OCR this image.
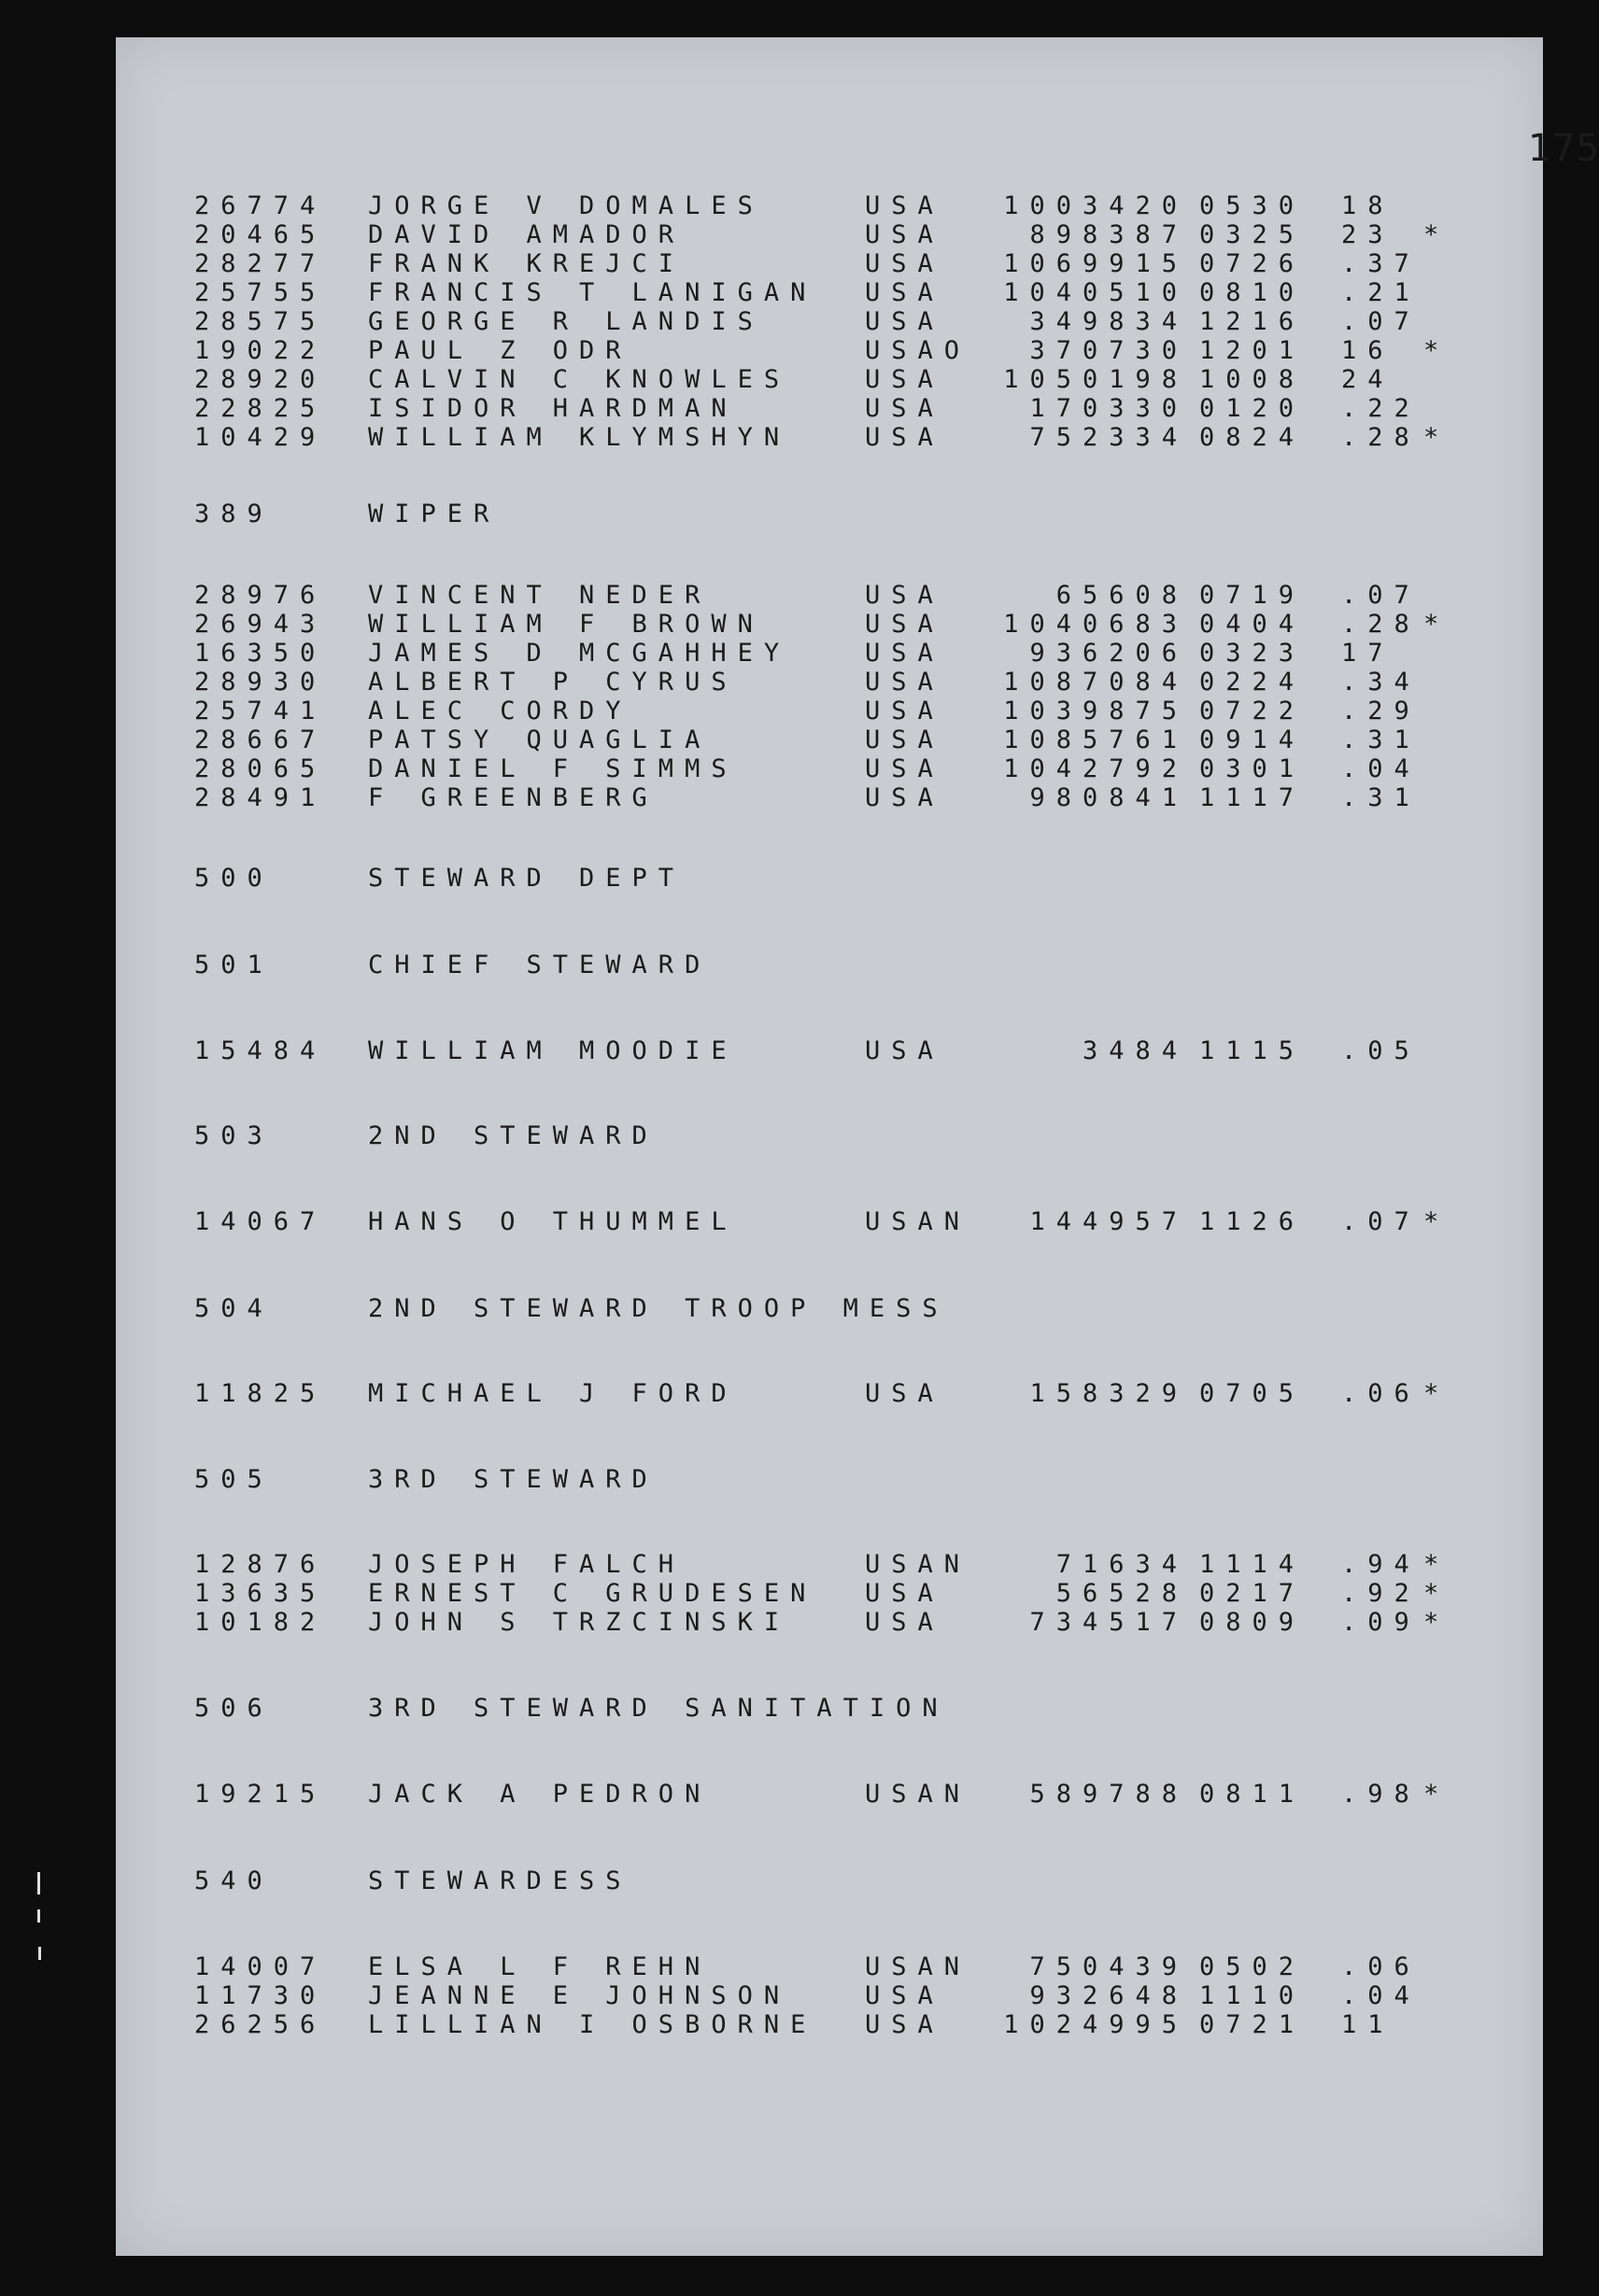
175
26774 JORGE V DOMALES	USA 1003420 0530 18
20465 DAVID AMADOR	USA	898387 0325 23 *
28277 FRANK KREJCI	USA 1069915 0726 .37
25755 FRANCIS T LANIGAN USA 1040510 0810 .21
28575 GEORGE R LANDIS	USA	349834 1216 .07
19022 PAUL Z ODR	USAO 370730 1201 16 *
28920 CALVIN C KNOWLES	USA 1050198 1008 24
22825 ISIDOR HARDMAN	USA	170330 0120 .22
10429 WILLIAM KLYMSHYN	USA	752334 0824 .28 *
389	WIPER
28976 VINCENT NEDER	USA	65608 0719 .07
26943 WILLIAM F BROWN	USA 1040683 0404 .28 *
16350 JAMES D MCGAHHEY	USA	936206 0323 17
28930 ALBERT P CYRUS	USA 1087084 0224 .34
25741 ALEC CORDY	USA 1039875 0722 .29
28667 PATSY QUAGLIA	USA 1085761 0914 .31
28065 DANIEL F SIMMS	USA 1042792 0301 .04
28491 F GREENBERG	USA	980841 1117 .31
500	STEWARD DEPT
501	CHIEF STEWARD
15484 WILLIAM MOODIE	USA	3484 1115 .05
503	2ND STEWARD
14067 HANS O THUMMEL	USAN 144957 1126 .07 *
504	2ND STEWARD TROOP MESS
11825 MICHAEL J FORD	USA	158329 0705 .06 *
505	3RD STEWARD
12876 JOSEPH FALCH	USAN	71634 1114 .94 *
13635 ERNEST C GRUDESEN USA	56528 0217 .92 *
10182 JOHN S TRZCINSKI	USA	734517 0809 .09 *
506	3RD STEWARD SANITATION
19215 JACK A PEDRON	USAN 589788 0811 .98 *
540	STEWARDESS
14007 ELSA L F REHN	USAN 750439 0502 .06
11730 JEANNE E JOHNSON	USA	932648 1110 .04
26256 LILLIAN I OSBORNE USA 1024995 0721 11
